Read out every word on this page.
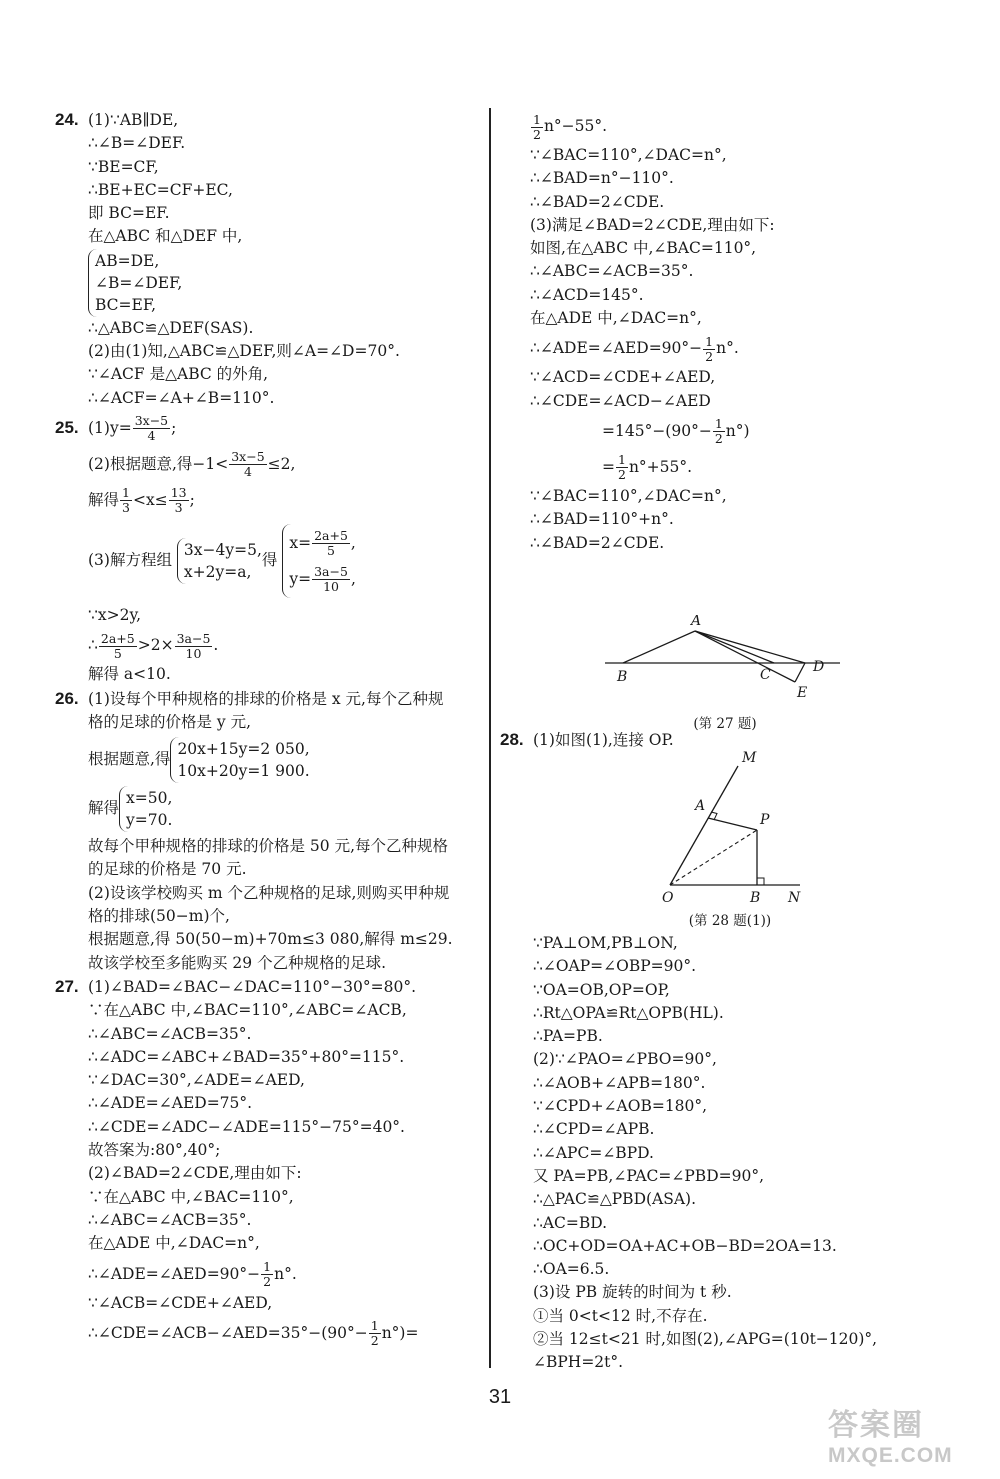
24. (1)∵AB∥DE,
∴∠B=∠DEF.
∵BE=CF,
∴BE+EC=CF+EC,
即 BC=EF.
在△ABC 和△DEF 中,
AB=DE,
∠B=∠DEF,
BC=EF,
∴△ABC≌△DEF(SAS).
(2)由(1)知,△ABC≌△DEF,则∠A=∠D=70°.
∵∠ACF 是△ABC 的外角,
∴∠ACF=∠A+∠B=110°.
25. $(1)y= \frac{3x-5}{4}$ ;
(2)根据题意,得$-1< \frac{3x-5}{4} \le 2$,
解得 $\frac{1}{3} <x\le \frac{13}{3}$ ;
(3)解方程组 3x−4y=5,
x+2y=a,得 $x= \frac{2a+5}{5}$ ,
$y= \frac{3a-5}{10}$ ,
∵x>2y,
∴ $\frac{2a+5}{5} >2\times \frac{3a-5}{10}$ .
解得 a<10.
26. (1)设每个甲种规格的排球的价格是 x 元,每个乙种规
格的足球的价格是 y 元,
根据题意,得20x+15y=2 050,
10x+20y=1 900.
解得x=50,
y=70.
故每个甲种规格的排球的价格是 50 元,每个乙种规格
的足球的价格是 70 元.
(2)设该学校购买 m 个乙种规格的足球,则购买甲种规
格的排球(50−m)个,
根据题意,得 50(50−m)+70m≤3 080,解得 m≤29.
故该学校至多能购买 29 个乙种规格的足球.
27. (1)∠BAD=∠BAC−∠DAC=110°−30°=80°.
∵在△ABC 中,∠BAC=110°,∠ABC=∠ACB,
∴∠ABC=∠ACB=35°.
∴∠ADC=∠ABC+∠BAD=35°+80°=115°.
∵∠DAC=30°,∠ADE=∠AED,
∴∠ADE=∠AED=75°.
∴∠CDE=∠ADC−∠ADE=115°−75°=40°.
故答案为:80°,40°;
(2)∠BAD=2∠CDE,理由如下:
∵在△ABC 中,∠BAC=110°,
∴∠ABC=∠ACB=35°.
在△ADE 中,∠DAC=n°,
∴∠ADE=∠AED=90°− $\frac{1}{2} n^\circ$.
∵∠ACB=∠CDE+∠AED,
∴∠CDE=∠ACB−∠AED=35°−(90°− $\frac{1}{2} n^\circ)=$
$\frac{1}{2} n^\circ-55^\circ$.
∵∠BAC=110°,∠DAC=n°,
∴∠BAD=n°−110°.
∴∠BAD=2∠CDE.
(3)满足∠BAD=2∠CDE,理由如下:
如图,在△ABC 中,∠BAC=110°,
∴∠ABC=∠ACB=35°.
∴∠ACD=145°.
在△ADE 中,∠DAC=n°,
∴∠ADE=∠AED=90°− $\frac{1}{2} n^\circ$.
∵∠ACD=∠CDE+∠AED,
∴∠CDE=∠ACD−∠AED
$=145^\circ-(90^\circ- \frac{1}{2} n^\circ)$
= $\frac{1}{2} n^\circ+55^\circ$.
∵∠BAC=110°,∠DAC=n°,
∴∠BAD=110°+n°.
∴∠BAD=2∠CDE.
A
B	C	D
E
(第 27 题)
28. (1)如图(1),连接 OP.
M
A
P
O	B N
(第 28 题(1))
∵PA⊥OM,PB⊥ON,
∴∠OAP=∠OBP=90°.
∵OA=OB,OP=OP,
∴Rt△OPA≌Rt△OPB(HL).
∴PA=PB.
(2)∵∠PAO=∠PBO=90°,
∴∠AOB+∠APB=180°.
∵∠CPD+∠AOB=180°,
∴∠CPD=∠APB.
∴∠APC=∠BPD.
又 PA=PB,∠PAC=∠PBD=90°,
∴△PAC≌△PBD(ASA).
∴AC=BD.
∴OC+OD=OA+AC+OB−BD=2OA=13.
∴OA=6.5.
(3)设 PB 旋转的时间为 t 秒.
①当 0<t<12 时,不存在.
②当 12≤t<21 时,如图(2),∠APG=(10t−120)°,
∠BPH=2t°.
31
答案圈
MXQE.COM
